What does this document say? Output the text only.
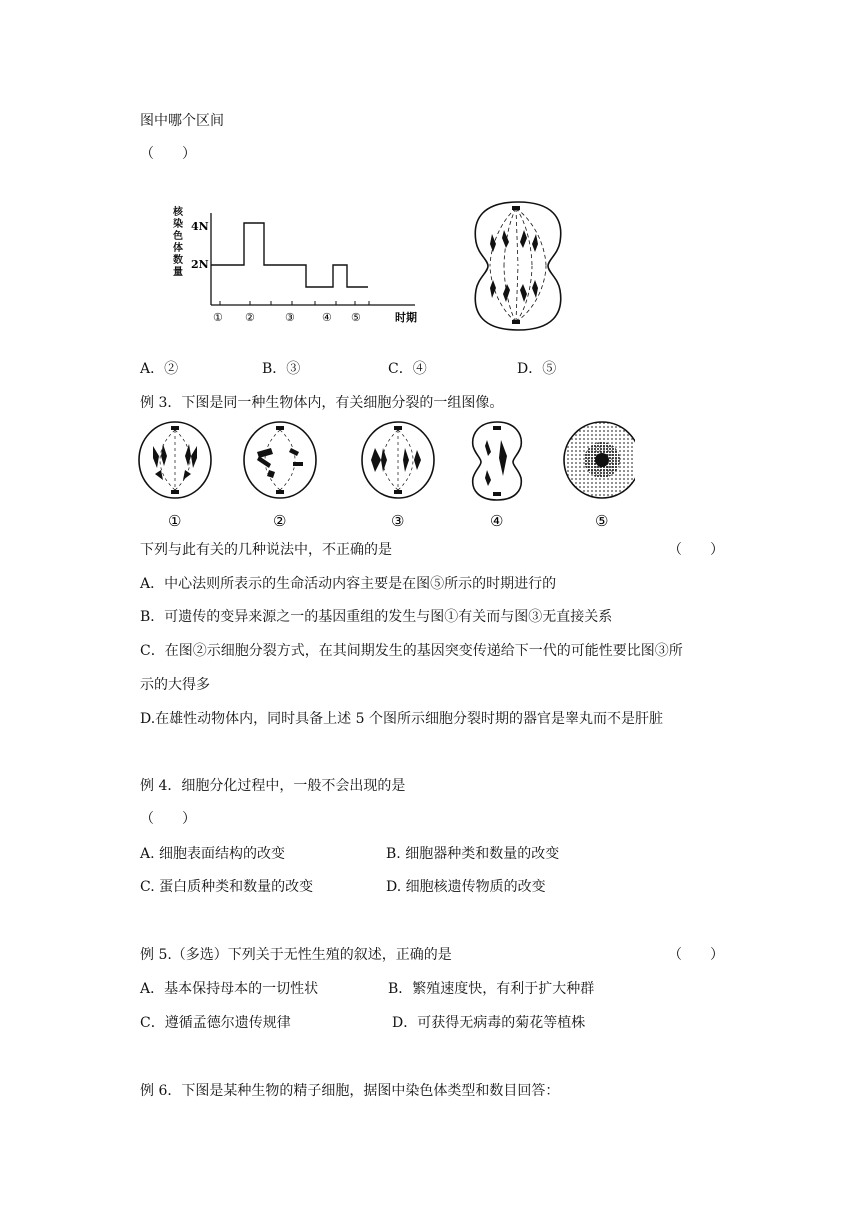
图中哪个区间
（　　）
核
染
色
体
数
量
4N
2N
① ②	③ ④ ⑤	时期
A．②	B．③	C．④	D．⑤
例 3．下图是同一种生物体内，有关细胞分裂的一组图像。
①	②	③	④	⑤
下列与此有关的几种说法中，不正确的是	（　　）
A．中心法则所表示的生命活动内容主要是在图⑤所示的时期进行的
B．可遗传的变异来源之一的基因重组的发生与图①有关而与图③无直接关系
C．在图②示细胞分裂方式，在其间期发生的基因突变传递给下一代的可能性要比图③所
示的大得多
D.在雄性动物体内，同时具备上述 5 个图所示细胞分裂时期的器官是睾丸而不是肝脏
例 4．细胞分化过程中，一般不会出现的是
（　　）
A. 细胞表面结构的改变	B. 细胞器种类和数量的改变
C. 蛋白质种类和数量的改变	D. 细胞核遗传物质的改变
例 5.（多选）下列关于无性生殖的叙述，正确的是	（　　）
A．基本保持母本的一切性状	B．繁殖速度快，有利于扩大种群
C．遵循孟德尔遗传规律	D．可获得无病毒的菊花等植株
例 6．下图是某种生物的精子细胞，据图中染色体类型和数目回答：
